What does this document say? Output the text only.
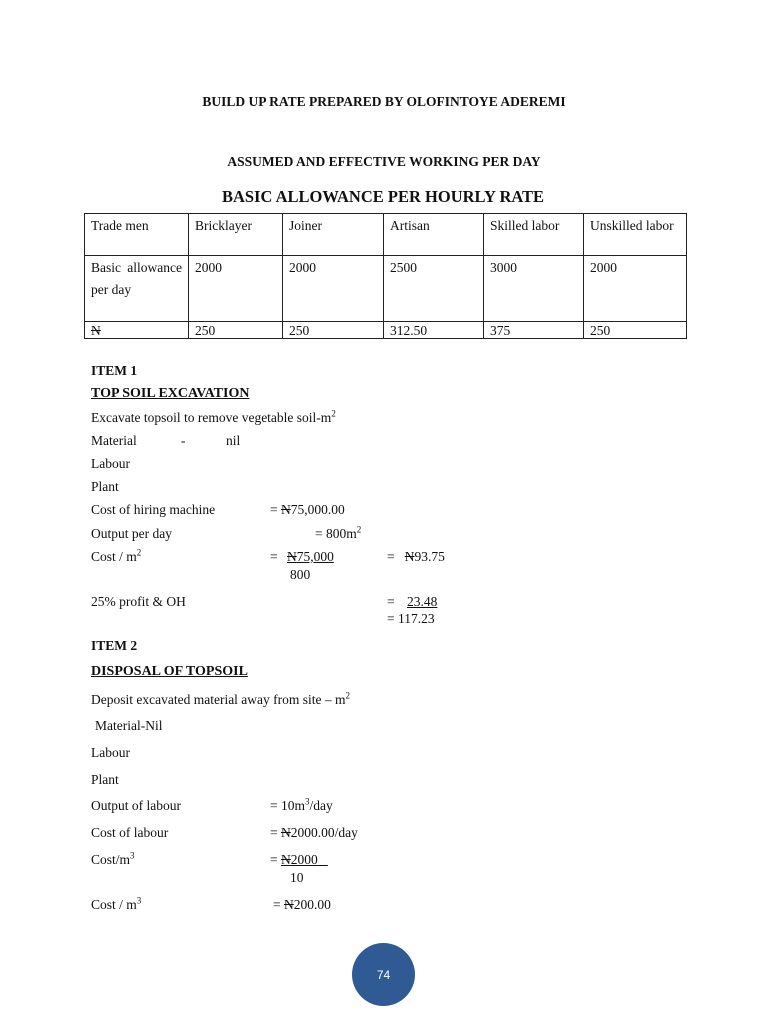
BUILD UP RATE PREPARED BY OLOFINTOYE ADEREMI
ASSUMED AND EFFECTIVE WORKING PER DAY
BASIC ALLOWANCE PER HOURLY RATE
Trade men	Bricklayer	Joiner	Artisan	Skilled labor	Unskilled labor
Basic allowance per day	2000	2000	2500	3000	2000
N	250	250	312.50	375	250
ITEM 1
TOP SOIL EXCAVATION
Excavate topsoil to remove vegetable soil-$m^2$
Material	-	nil
Labour
Plant
Cost of hiring machine	= N75,000.00
Output per day	= $800m^2$
Cost / $m^2$	= N75,000
800
= N93.75
25% profit & OH	= 23.48
= 117.23
ITEM 2
DISPOSAL OF TOPSOIL
Deposit excavated material away from site – $m^2$
Material-Nil
Labour
Plant
Output of labour	= $10m^3$/day
Cost of labour	= N2000.00/day
Cost/$m^3$	= N2000
10
Cost / $m^3$	= N200.00
74
